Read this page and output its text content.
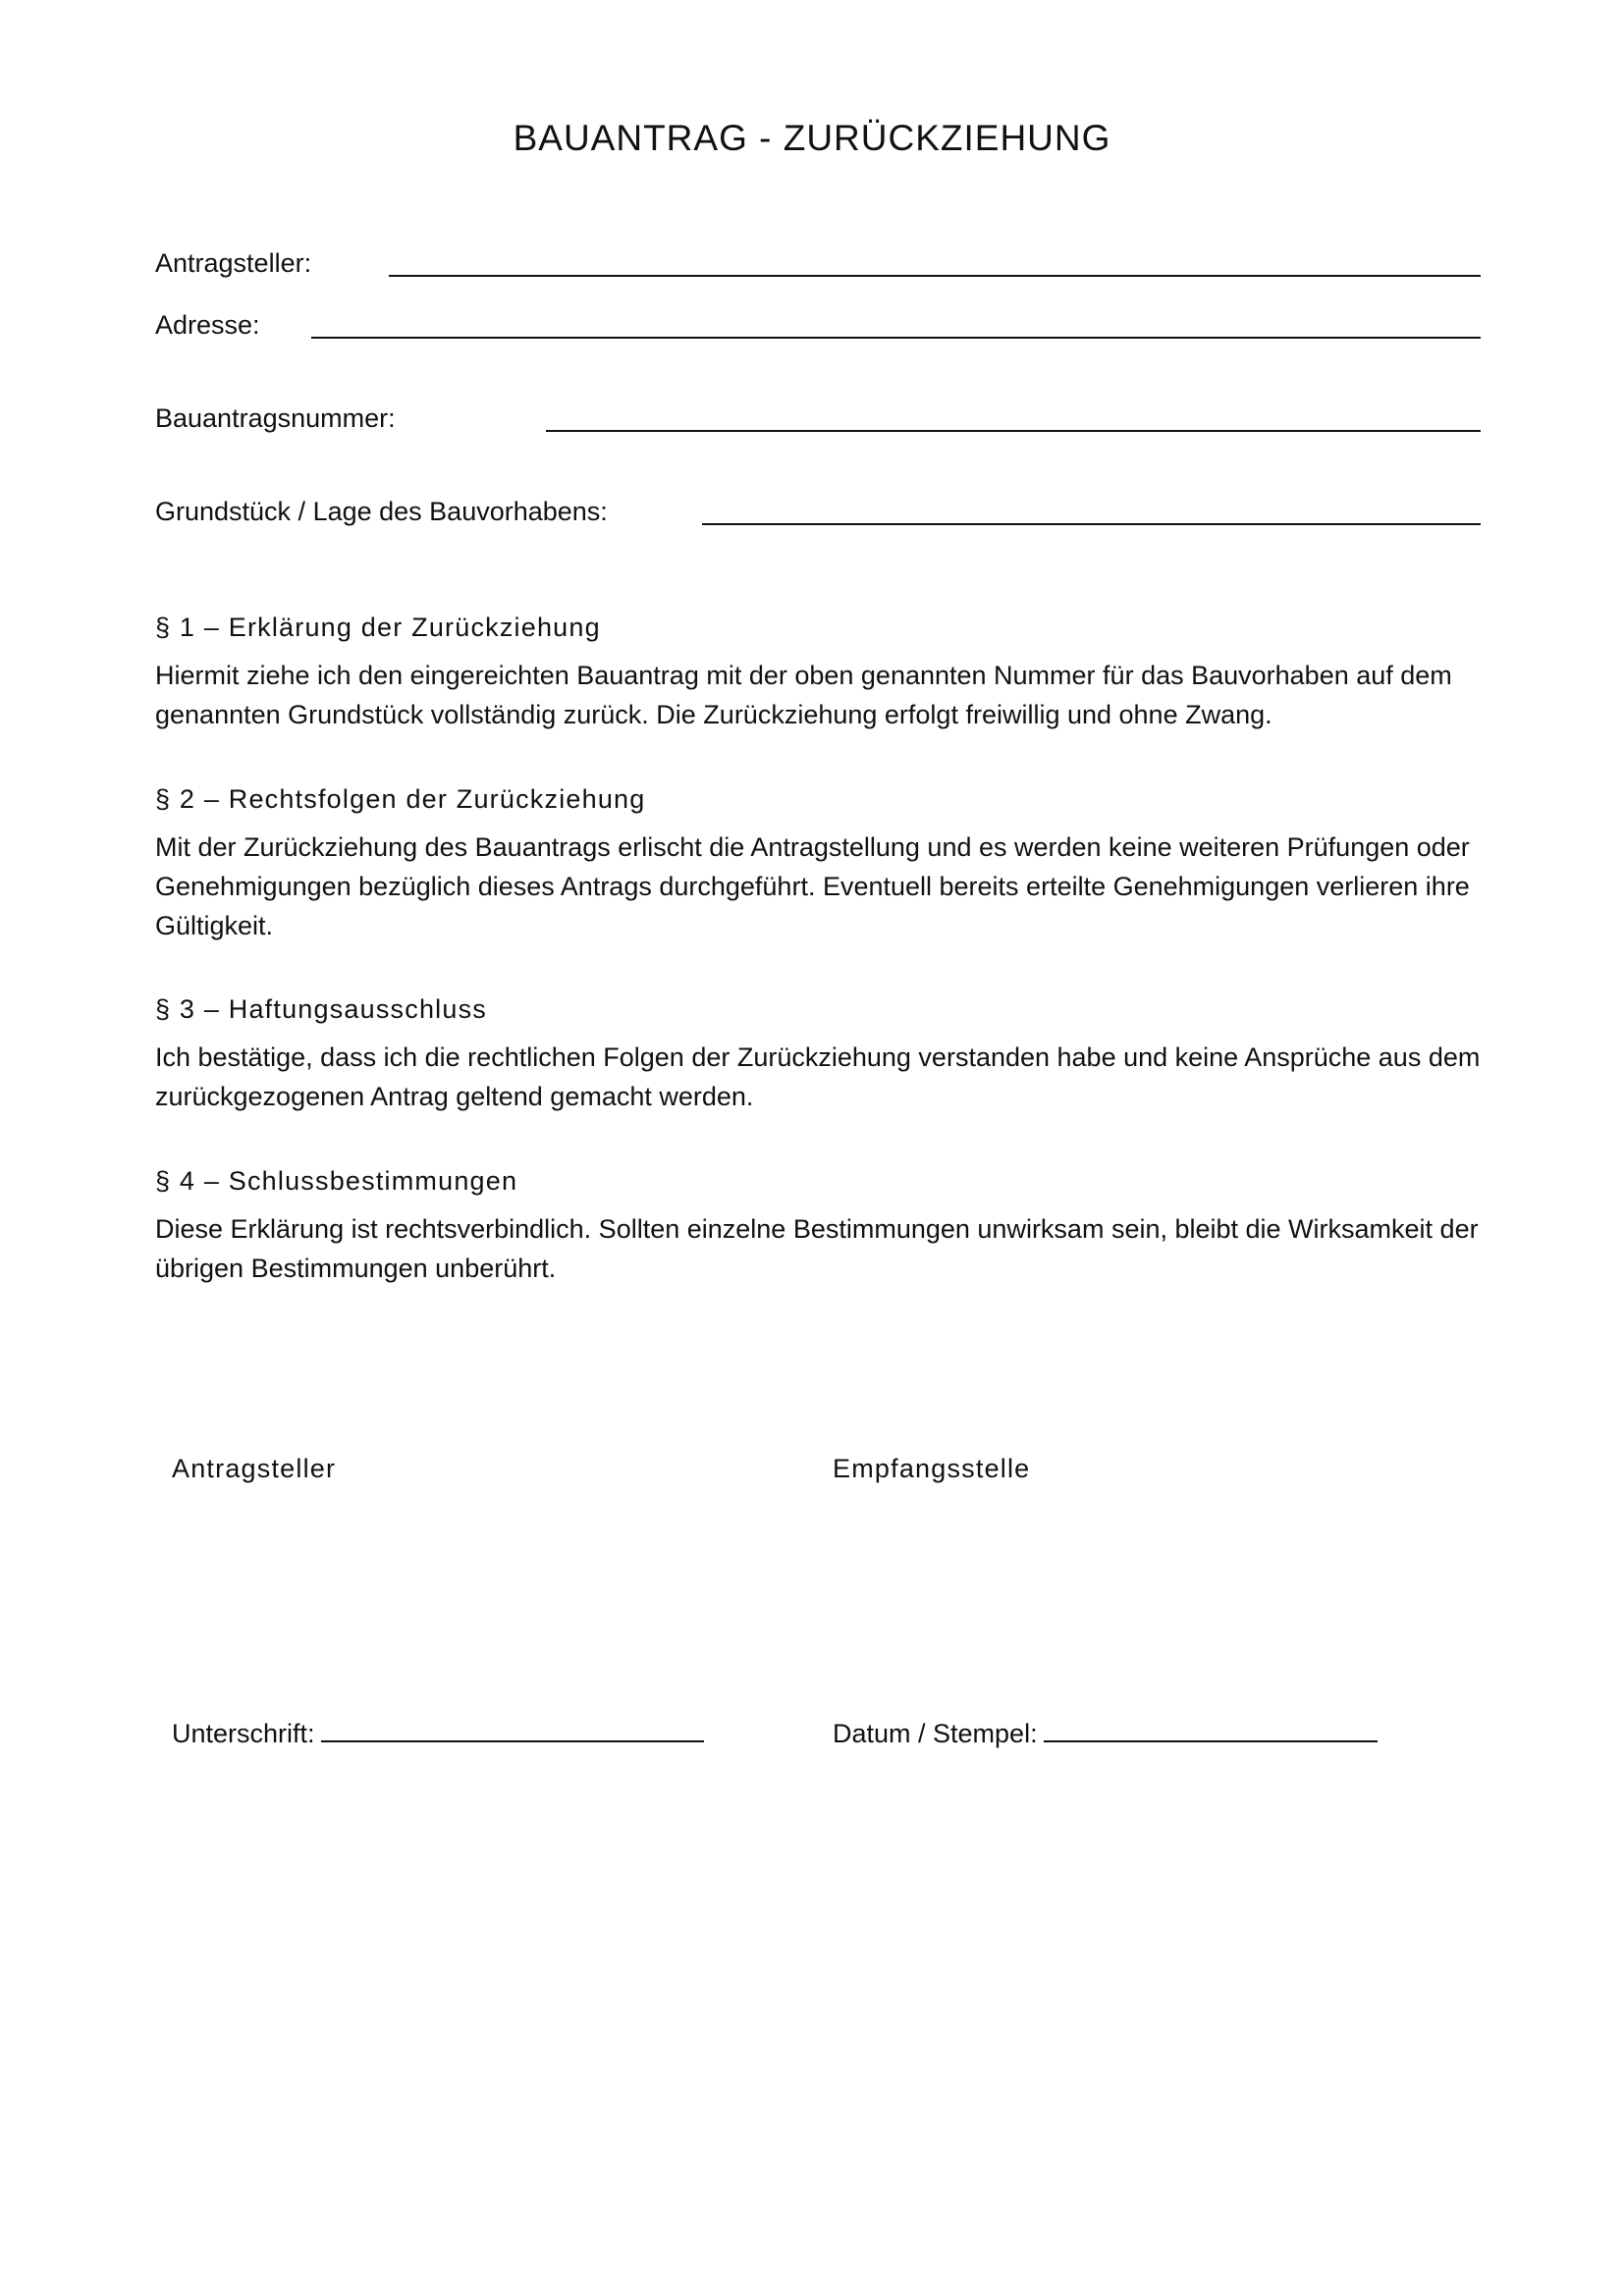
BAUANTRAG - ZURÜCKZIEHUNG
Antragsteller:
Adresse:
Bauantragsnummer:
Grundstück / Lage des Bauvorhabens:
§ 1 – Erklärung der Zurückziehung
Hiermit ziehe ich den eingereichten Bauantrag mit der oben genannten Nummer für das Bauvorhaben auf dem genannten Grundstück vollständig zurück. Die Zurückziehung erfolgt freiwillig und ohne Zwang.
§ 2 – Rechtsfolgen der Zurückziehung
Mit der Zurückziehung des Bauantrags erlischt die Antragstellung und es werden keine weiteren Prüfungen oder Genehmigungen bezüglich dieses Antrags durchgeführt. Eventuell bereits erteilte Genehmigungen verlieren ihre Gültigkeit.
§ 3 – Haftungsausschluss
Ich bestätige, dass ich die rechtlichen Folgen der Zurückziehung verstanden habe und keine Ansprüche aus dem zurückgezogenen Antrag geltend gemacht werden.
§ 4 – Schlussbestimmungen
Diese Erklärung ist rechtsverbindlich. Sollten einzelne Bestimmungen unwirksam sein, bleibt die Wirksamkeit der übrigen Bestimmungen unberührt.
Antragsteller	Empfangsstelle
Unterschrift:	Datum / Stempel:
